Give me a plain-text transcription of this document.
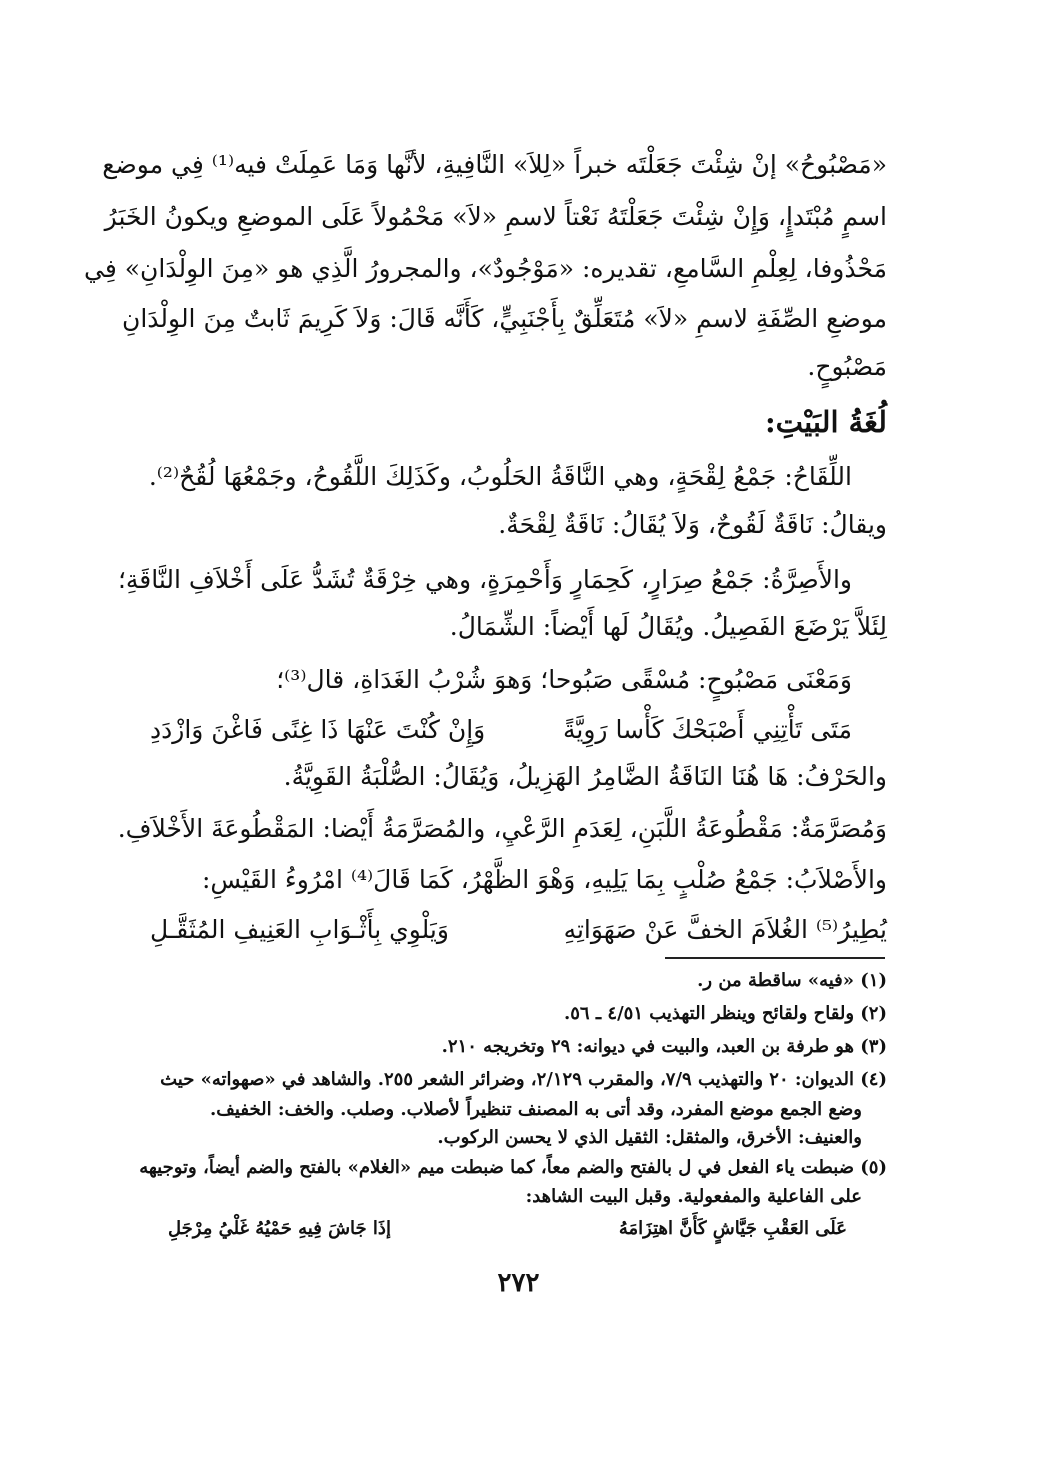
«مَصْبُوحُ» إنْ شِئْتَ جَعَلْتَه خبراً «لِلاَ» النَّافِيةِ، لأنَّها وَمَا عَمِلَتْ فيه⁽¹⁾ فِي موضع
اسمٍ مُبْتَدإٍ، وَإِنْ شِئْتَ جَعَلْتَهُ نَعْتاً لاسمِ «لاَ» مَحْمُولاً عَلَى الموضعِ ويكونُ الخَبَرُ
مَحْذُوفا، لِعِلْمِ السَّامعِ، تقديره: «مَوْجُودٌ»، والمجرورُ الَّذِي هو «مِنَ الوِلْدَانِ» فِي
موضعِ الصِّفَةِ لاسمِ «لاَ» مُتَعَلِّقٌ بِأَجْنَبِيٍّ، كَأَنَّه قَالَ: وَلاَ كَرِيمَ ثَابتٌ مِنَ الوِلْدَانِ
مَصْبُوحٍ.
لُغَةُ البَيْتِ:
اللِّقَاحُ: جَمْعُ لِقْحَةٍ، وهي النَّاقَةُ الحَلُوبُ، وكَذَلِكَ اللَّقُوحُ، وجَمْعُهَا لُقُحٌ⁽²⁾.
ويقالُ: نَاقَةٌ لَقُوحٌ، وَلاَ يُقَالُ: نَاقَةٌ لِقْحَةٌ.
والأَصِرَّةُ: جَمْعُ صِرَارٍ، كَحِمَارٍ وَأَحْمِرَةٍ، وهي خِرْقَةٌ تُشَدُّ عَلَى أَخْلاَفِ النَّاقَةِ؛
لِئَلاَّ يَرْضَعَ الفَصِيلُ. ويُقَالُ لَها أَيْضاً: الشِّمَالُ.
وَمَعْنَى مَصْبُوحٍ: مُسْقًى صَبُوحا؛ وَهوَ شُرْبُ الغَدَاةِ، قال⁽³⁾؛
مَتَى تَأْتِنِي أَصْبَحْكَ كَأْسا رَوِيَّةً
وَإِنْ كُنْتَ عَنْهَا ذَا غِنًى فَاغْنَ وَازْدَدِ
والحَرْفُ: هَا هُنَا النَاقَةُ الضَّامِرُ الهَزِيلُ، وَيُقَالُ: الصُّلْبَةُ القَوِيَّةُ.
وَمُصَرَّمَةٌ: مَقْطُوعَةُ اللَّبَنِ، لِعَدَمِ الرَّعْيِ، والمُصَرَّمَةُ أَيْضا: المَقْطُوعَةَ الأَخْلاَفِ.
والأَصْلاَبُ: جَمْعُ صُلْبٍ بِمَا يَلِيهِ، وَهْوَ الظَّهْرُ، كَمَا قَالَ⁽⁴⁾ امْرُوءُ القَيْسِ:
يُطِيرُ⁽⁵⁾ الغُلاَمَ الخفَّ عَنْ صَهَوَاتِهِ
وَيَلْوِي بِأَثْـوَابِ العَنِيفِ المُثَقَّـلِ
(١) «فيه» ساقطة من ر.
(٢) ولقاح ولقائح وينظر التهذيب ٤/٥١ ـ ٥٦.
(٣) هو طرفة بن العبد، والبيت في ديوانه: ٢٩ وتخريجه ٢١٠.
(٤) الديوان: ٢٠ والتهذيب ٧/٩، والمقرب ٢/١٢٩، وضرائر الشعر ٢٥٥. والشاهد في «صهواته» حيث
وضع الجمع موضع المفرد، وقد أتى به المصنف تنظيراً لأصلاب. وصلب. والخف: الخفيف.
والعنيف: الأخرق، والمثقل: الثقيل الذي لا يحسن الركوب.
(٥) ضبطت ياء الفعل في ل بالفتح والضم معاً، كما ضبطت ميم «الغلام» بالفتح والضم أيضاً، وتوجيهه
على الفاعلية والمفعولية. وقبل البيت الشاهد:
عَلَى العَقْبِ جَيَّاشٍ كَأَنَّ اهتِزَامَهُ
إذَا جَاشَ فِيهِ حَمْيُهُ غَلْيُ مِرْجَلِ
٢٧٢
